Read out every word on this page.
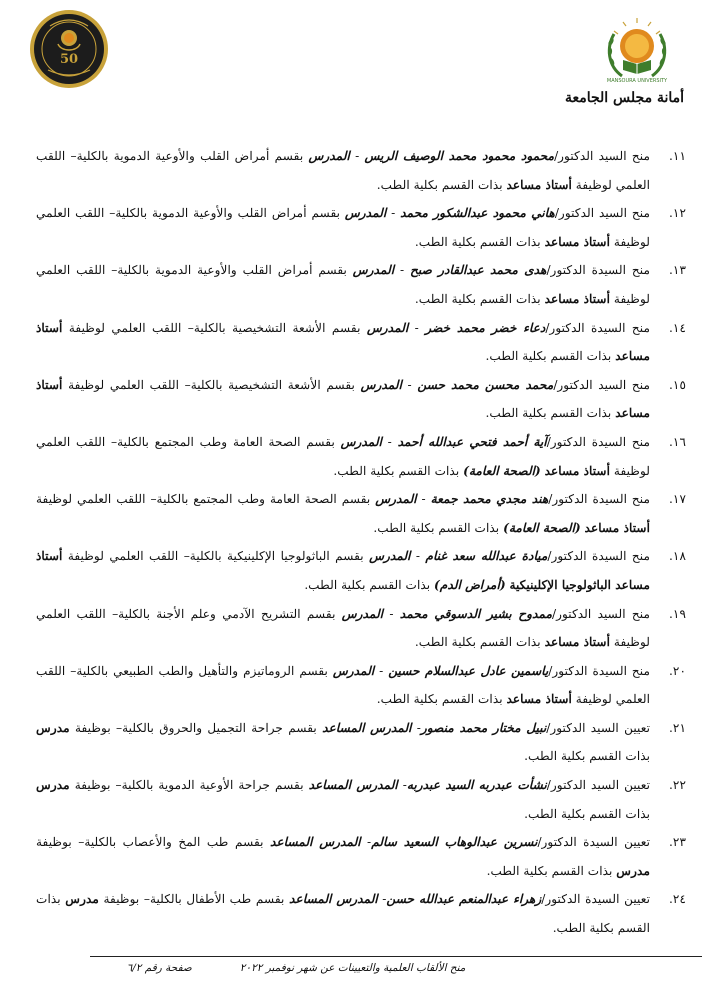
MANSOURA UNIVERSITY
أمانة مجلس الجامعة
50
١١.
منح السيد الدكتور/محمود محمود محمد الوصيف الريس - المدرس بقسم أمراض القلب والأوعية الدموية بالكلية– اللقب العلمي لوظيفة أستاذ مساعد بذات القسم بكلية الطب.
١٢.
منح السيد الدكتور/هاني محمود عبدالشكور محمد - المدرس بقسم أمراض القلب والأوعية الدموية بالكلية– اللقب العلمي لوظيفة أستاذ مساعد بذات القسم بكلية الطب.
١٣.
منح السيدة الدكتور/هدى محمد عبدالقادر صبح - المدرس بقسم أمراض القلب والأوعية الدموية بالكلية– اللقب العلمي لوظيفة أستاذ مساعد بذات القسم بكلية الطب.
١٤.
منح السيدة الدكتور/دعاء خضر محمد خضر - المدرس بقسم الأشعة التشخيصية بالكلية– اللقب العلمي لوظيفة أستاذ مساعد بذات القسم بكلية الطب.
١٥.
منح السيد الدكتور/محمد محسن محمد حسن - المدرس بقسم الأشعة التشخيصية بالكلية– اللقب العلمي لوظيفة أستاذ مساعد بذات القسم بكلية الطب.
١٦.
منح السيدة الدكتور/آية أحمد فتحي عبدالله أحمد - المدرس بقسم الصحة العامة وطب المجتمع بالكلية– اللقب العلمي لوظيفة أستاذ مساعد (الصحة العامة) بذات القسم بكلية الطب.
١٧.
منح السيدة الدكتور/هند مجدي محمد جمعة - المدرس بقسم الصحة العامة وطب المجتمع بالكلية– اللقب العلمي لوظيفة أستاذ مساعد (الصحة العامة) بذات القسم بكلية الطب.
١٨.
منح السيدة الدكتور/ميادة عبدالله سعد غنام - المدرس بقسم الباثولوجيا الإكلينيكية بالكلية– اللقب العلمي لوظيفة أستاذ مساعد الباثولوجيا الإكلينيكية (أمراض الدم) بذات القسم بكلية الطب.
١٩.
منح السيد الدكتور/ممدوح بشير الدسوقي محمد - المدرس بقسم التشريح الآدمي وعلم الأجنة بالكلية– اللقب العلمي لوظيفة أستاذ مساعد بذات القسم بكلية الطب.
٢٠.
منح السيدة الدكتور/ياسمين عادل عبدالسلام حسين - المدرس بقسم الروماتيزم والتأهيل والطب الطبيعي بالكلية– اللقب العلمي لوظيفة أستاذ مساعد بذات القسم بكلية الطب.
٢١.
تعيين السيد الدكتور/نبيل مختار محمد منصور- المدرس المساعد بقسم جراحة التجميل والحروق بالكلية– بوظيفة مدرس بذات القسم بكلية الطب.
٢٢.
تعيين السيد الدكتور/نشأت عبدربه السيد عبدربه- المدرس المساعد بقسم جراحة الأوعية الدموية بالكلية– بوظيفة مدرس بذات القسم بكلية الطب.
٢٣.
تعيين السيدة الدكتور/نسرين عبدالوهاب السعيد سالم- المدرس المساعد بقسم طب المخ والأعصاب بالكلية– بوظيفة مدرس بذات القسم بكلية الطب.
٢٤.
تعيين السيدة الدكتور/زهراء عبدالمنعم عبدالله حسن- المدرس المساعد بقسم طب الأطفال بالكلية– بوظيفة مدرس بذات القسم بكلية الطب.
منح الألقاب العلمية والتعيينات عن شهر نوفمبر ٢٠٢٢صفحة رقم ٦/٢
